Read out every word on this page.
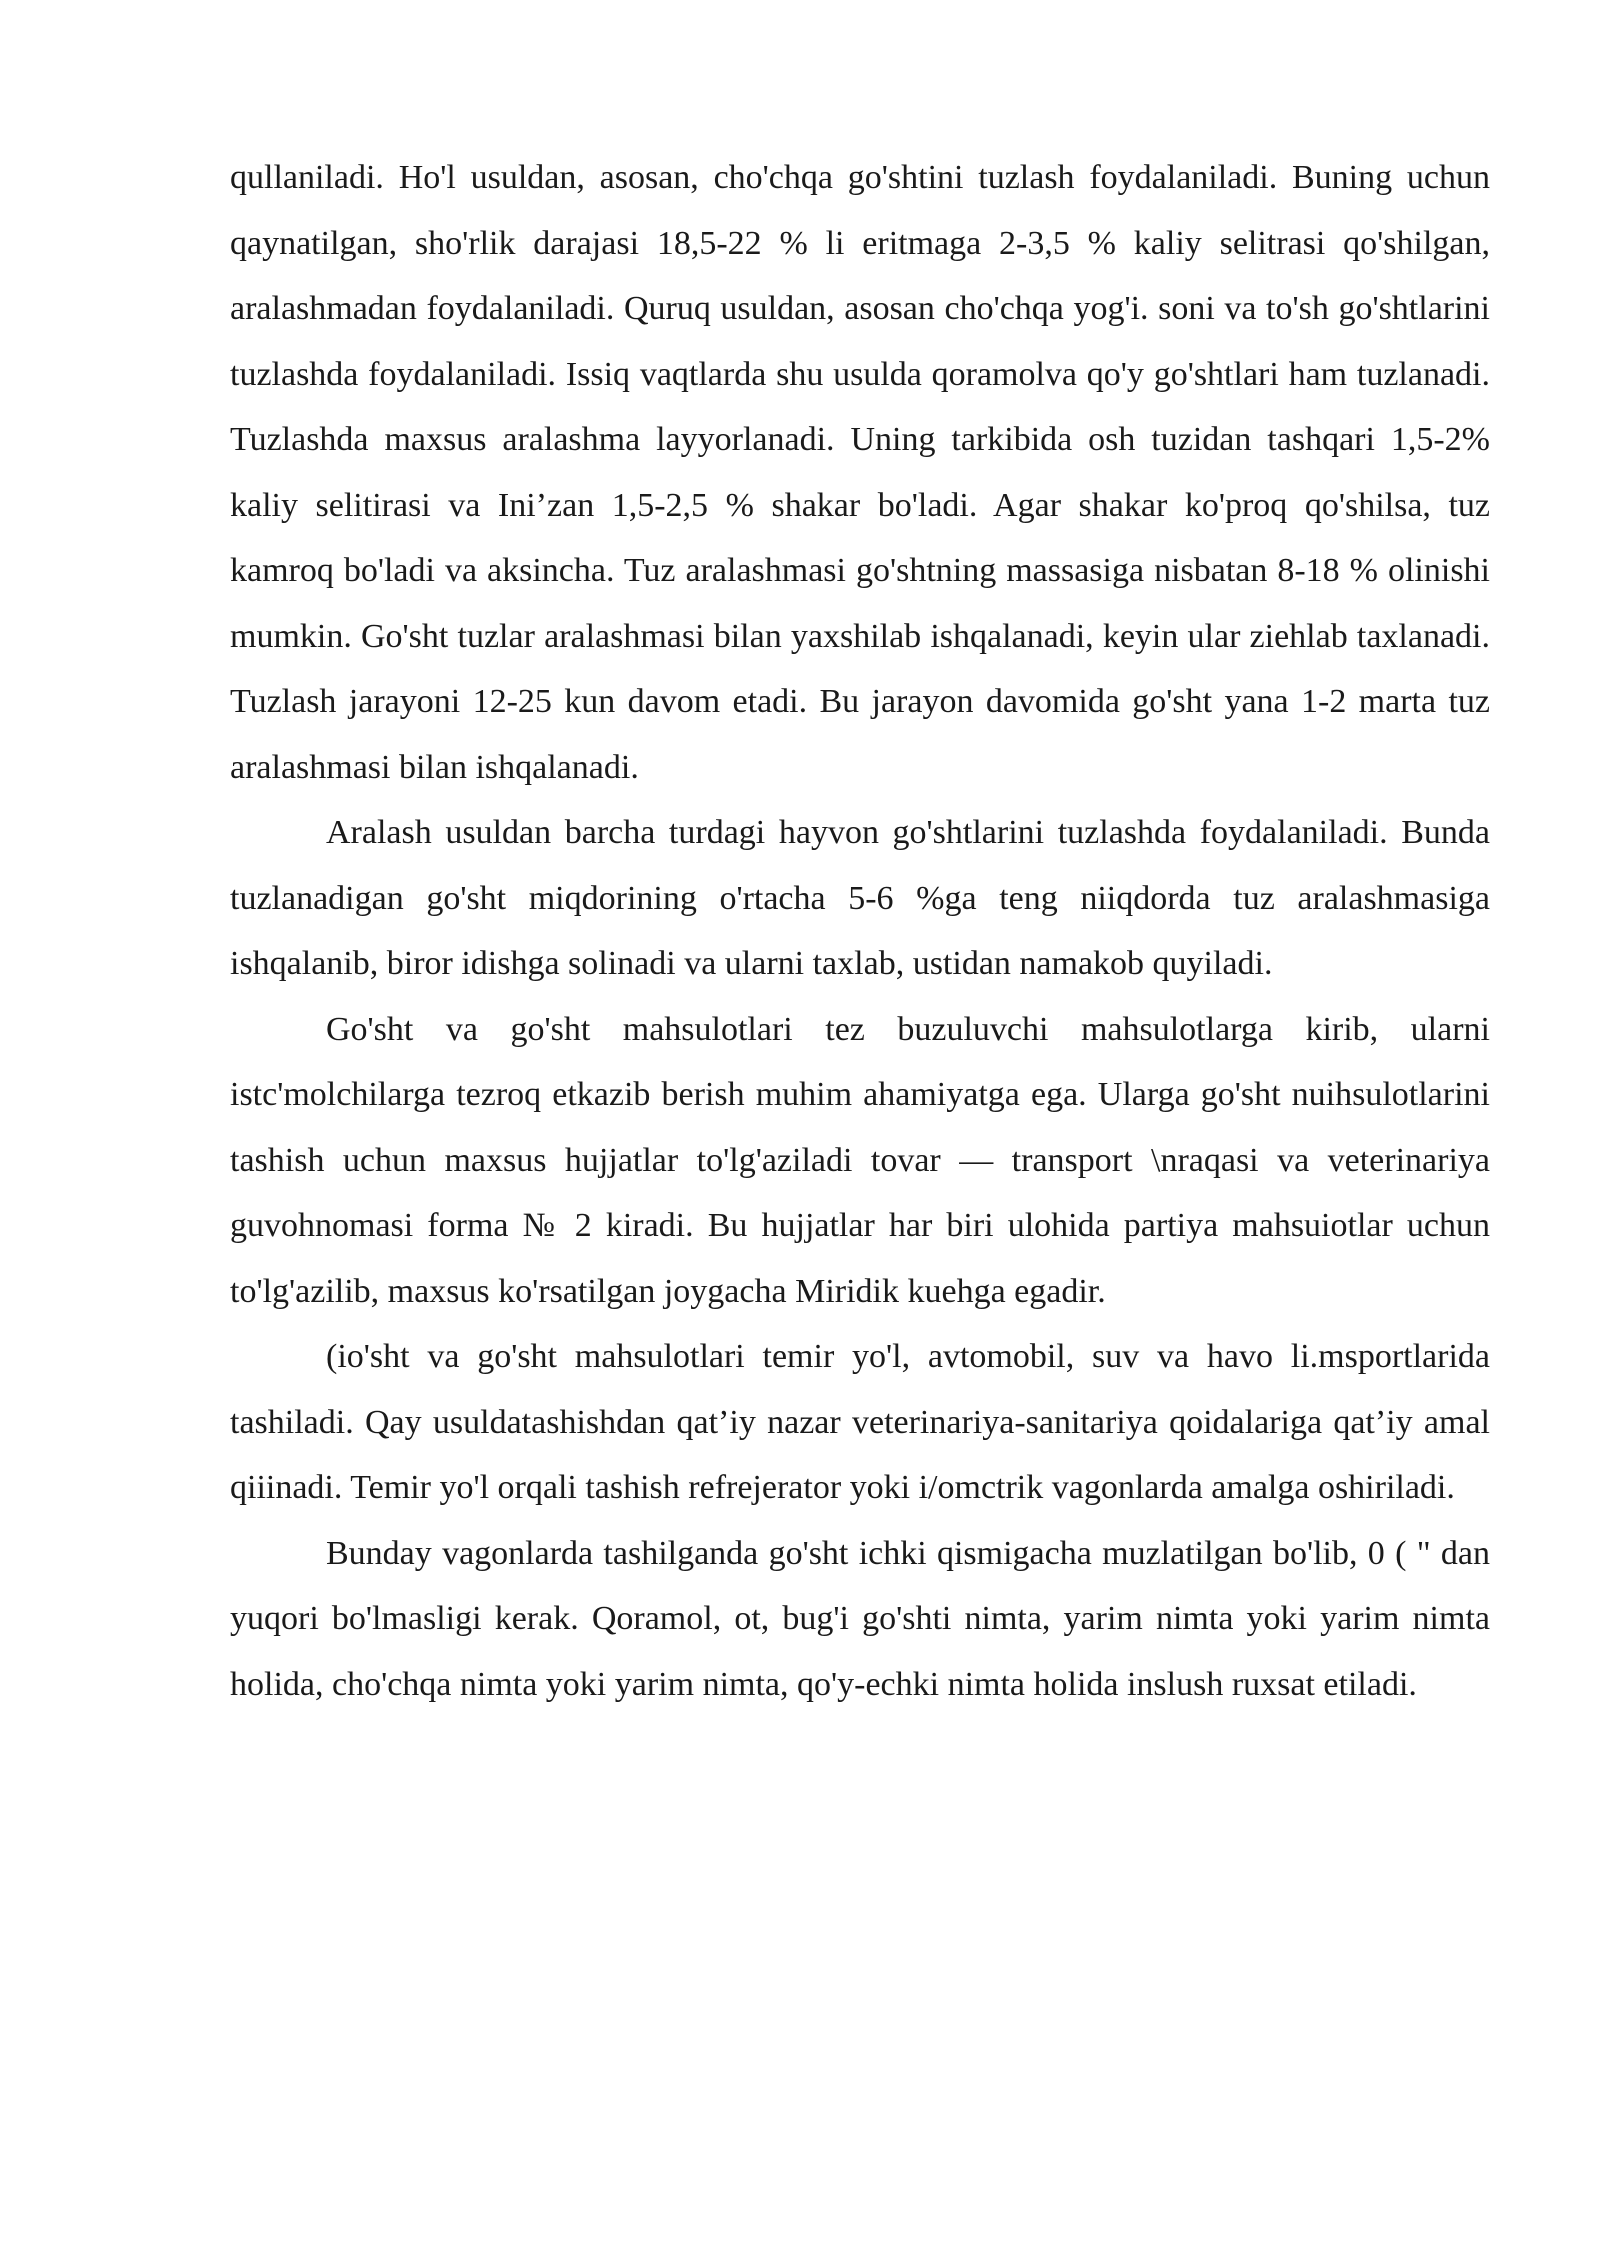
qullaniladi. Ho'l usuldan, asosan, cho'chqa go'shtini tuzlash foydalaniladi. Buning uchun qaynatilgan, sho'rlik darajasi 18,5-22 % li eritmaga 2-3,5 % kaliy selitrasi qo'shilgan, aralashmadan foydalaniladi. Quruq usuldan, asosan cho'chqa yog'i. soni va to'sh go'shtlarini tuzlashda foydalaniladi. Issiq vaqtlarda shu usulda qoramolva qo'y go'shtlari ham tuzlanadi. Tuzlashda maxsus aralashma layyorlanadi. Uning tarkibida osh tuzidan tashqari 1,5-2% kaliy selitirasi va Ini’zan 1,5-2,5 % shakar bo'ladi. Agar shakar ko'proq qo'shilsa, tuz kamroq bo'ladi va aksincha. Tuz aralashmasi go'shtning massasiga nisbatan 8-18 % olinishi mumkin. Go'sht tuzlar aralashmasi bilan yaxshilab ishqalanadi, keyin ular ziehlab taxlanadi. Tuzlash jarayoni 12-25 kun davom etadi. Bu jarayon davomida go'sht yana 1-2 marta tuz aralashmasi bilan ishqalanadi.

Aralash usuldan barcha turdagi hayvon go'shtlarini tuzlashda foydalaniladi. Bunda tuzlanadigan go'sht miqdorining o'rtacha 5-6 %ga teng niiqdorda tuz aralashmasiga ishqalanib, biror idishga solinadi va ularni taxlab, ustidan namakob quyiladi.

Go'sht va go'sht mahsulotlari tez buzuluvchi mahsulotlarga kirib, ularni istc'molchilarga tezroq etkazib berish muhim ahamiyatga ega. Ularga go'sht nuihsulotlarini tashish uchun maxsus hujjatlar to'lg'aziladi tovar — transport \nraqasi va veterinariya guvohnomasi forma № 2 kiradi. Bu hujjatlar har biri ulohida partiya mahsuiotlar uchun to'lg'azilib, maxsus ko'rsatilgan joygacha Miridik kuehga egadir.

(io'sht va go'sht mahsulotlari temir yo'l, avtomobil, suv va havo li.msportlarida tashiladi. Qay usuldatashishdan qat’iy nazar veterinariya-sanitariya qoidalariga qat’iy amal qiiinadi. Temir yo'l orqali tashish refrejerator yoki i/omctrik vagonlarda amalga oshiriladi.

Bunday vagonlarda tashilganda go'sht ichki qismigacha muzlatilgan bo'lib, 0 ( " dan yuqori bo'lmasligi kerak. Qoramol, ot, bug'i go'shti nimta, yarim nimta yoki yarim nimta holida, cho'chqa nimta yoki yarim nimta, qo'y-echki nimta holida inslush ruxsat etiladi.
